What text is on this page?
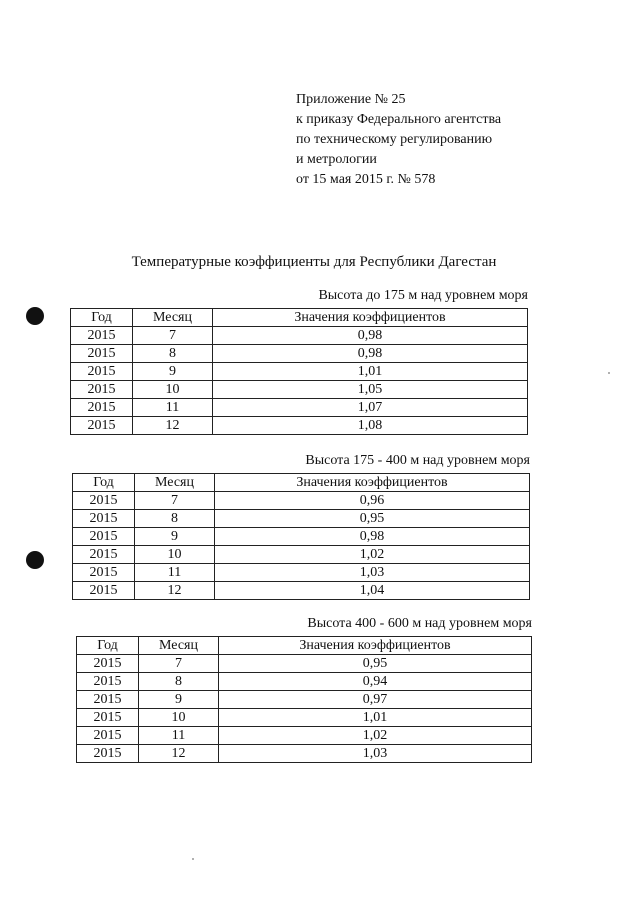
Приложение № 25
к приказу Федерального агентства
по техническому регулированию
и метрологии
от 15 мая 2015 г. № 578
Температурные коэффициенты для Республики Дагестан
Высота до 175 м над уровнем моря
Год	Месяц	Значения коэффициентов
2015	7	0,98
2015	8	0,98
2015	9	1,01
2015	10	1,05
2015	11	1,07
2015	12	1,08
Высота 175 - 400 м над уровнем моря
Год	Месяц	Значения коэффициентов
2015	7	0,96
2015	8	0,95
2015	9	0,98
2015	10	1,02
2015	11	1,03
2015	12	1,04
Высота 400 - 600 м над уровнем моря
Год	Месяц	Значения коэффициентов
2015	7	0,95
2015	8	0,94
2015	9	0,97
2015	10	1,01
2015	11	1,02
2015	12	1,03
